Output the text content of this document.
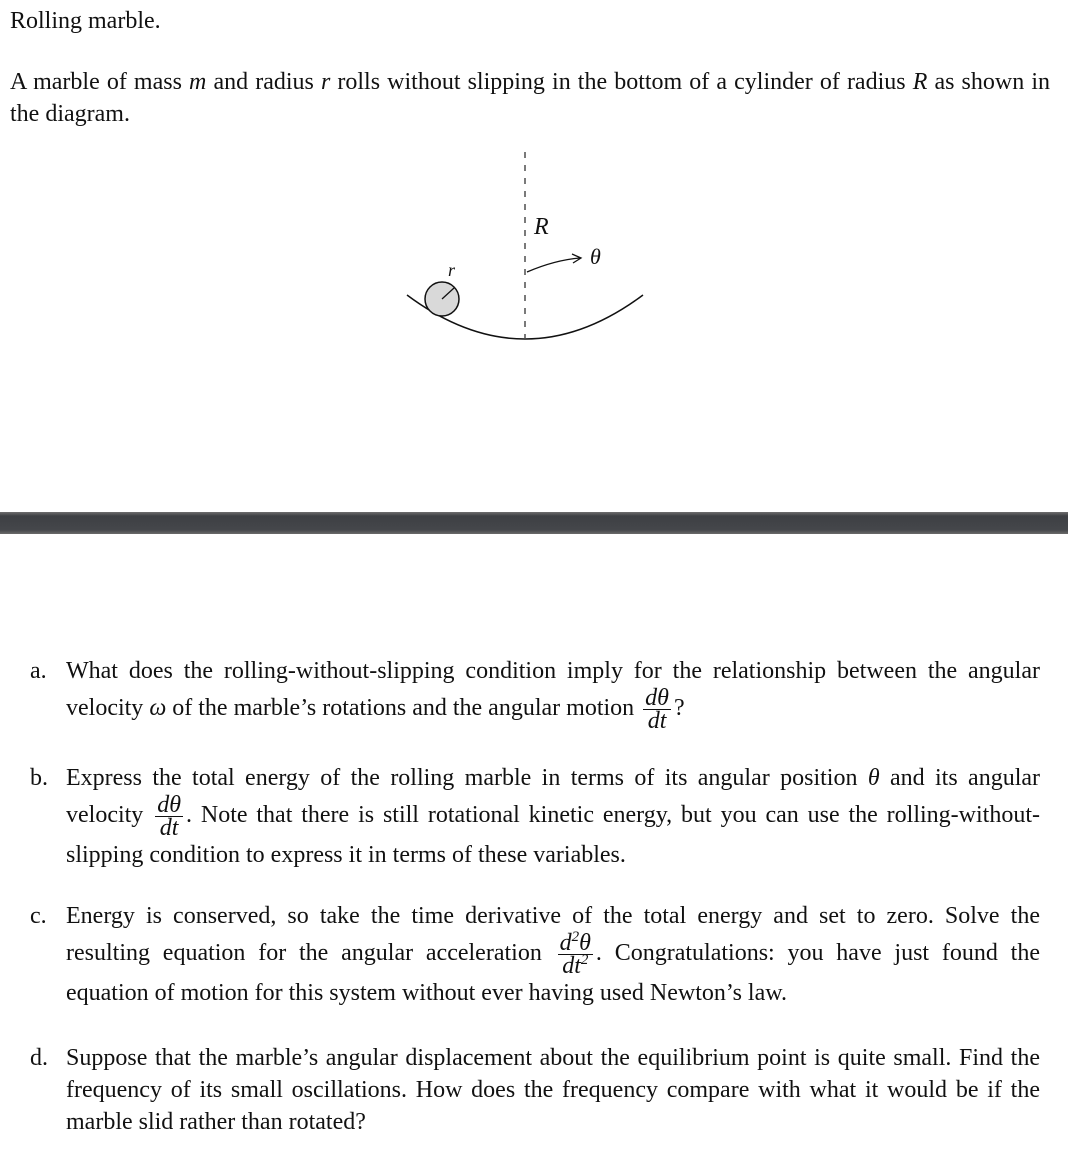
Rolling marble.
A marble of mass m and radius r rolls without slipping in the bottom of a cylinder of radius R as shown in the diagram.
R
θ
r
a. What does the rolling-without-slipping condition imply for the relationship between the angular velocity ω of the marble’s rotations and the angular motion $\frac{d\theta}{dt}$ ?
b. Express the total energy of the rolling marble in terms of its angular position θ and its angular velocity $\frac{d\theta}{dt}$ . Note that there is still rotational kinetic energy, but you can use the rolling-without-slipping condition to express it in terms of these variables.
c. Energy is conserved, so take the time derivative of the total energy and set to zero. Solve the resulting equation for the angular acceleration $\frac{d^2\theta}{dt^2}$ . Congratulations: you have just found the equation of motion for this system without ever having used Newton’s law.
d. Suppose that the marble’s angular displacement about the equilibrium point is quite small. Find the frequency of its small oscillations. How does the frequency compare with what it would be if the marble slid rather than rotated?
